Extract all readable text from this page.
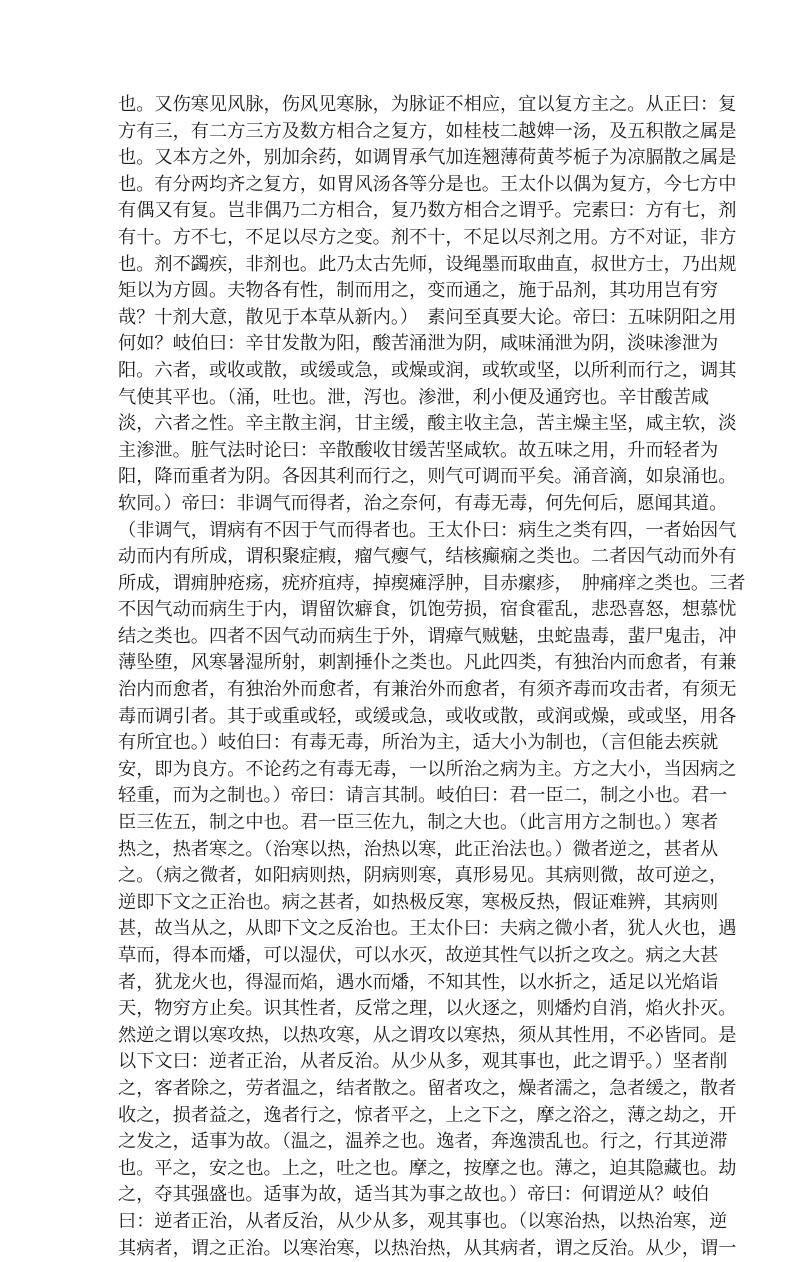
也。又伤寒见风脉，伤风见寒脉，为脉证不相应，宜以复方主之。从正曰：复
方有三，有二方三方及数方相合之复方，如桂枝二越婢一汤，及五积散之属是
也。又本方之外，别加余药，如调胃承气加连翘薄荷黄芩栀子为凉膈散之属是
也。有分两均齐之复方，如胃风汤各等分是也。王太仆以偶为复方，今七方中
有偶又有复。岂非偶乃二方相合，复乃数方相合之谓乎。完素曰：方有七，剂
有十。方不七，不足以尽方之变。剂不十，不足以尽剂之用。方不对证，非方
也。剂不蠲疾，非剂也。此乃太古先师，设绳墨而取曲直，叔世方士，乃出规
矩以为方圆。夫物各有性，制而用之，变而通之，施于品剂，其功用岂有穷
哉？十剂大意，散见于本草从新内。）　素问至真要大论。帝曰：五味阴阳之用
何如？岐伯曰：辛甘发散为阳，酸苦涌泄为阴，咸味涌泄为阴，淡味渗泄为
阳。六者，或收或散，或缓或急，或燥或润，或软或坚，以所利而行之，调其
气使其平也。（涌，吐也。泄，泻也。渗泄，利小便及通窍也。辛甘酸苦咸
淡，六者之性。辛主散主润，甘主缓，酸主收主急，苦主燥主坚，咸主软，淡
主渗泄。脏气法时论曰：辛散酸收甘缓苦坚咸软。故五味之用，升而轻者为
阳，降而重者为阴。各因其利而行之，则气可调而平矣。涌音滴，如泉涌也。
软同。）帝曰：非调气而得者，治之奈何，有毒无毒，何先何后，愿闻其道。
（非调气，谓病有不因于气而得者也。王太仆曰：病生之类有四，一者始因气
动而内有所成，谓积聚症瘕，瘤气瘿气，结核癫痫之类也。二者因气动而外有
所成，谓痈肿疮疡，疣疥疽痔，掉瘈瘫浮肿，目赤瘰疹，　肿痛痒之类也。三者
不因气动而病生于内，谓留饮癖食，饥饱劳损，宿食霍乱，悲恐喜怒，想慕忧
结之类也。四者不因气动而病生于外，谓瘴气贼魅，虫蛇蛊毒，蜚尸鬼击，冲
薄坠堕，风寒暑湿所射，刺割捶仆之类也。凡此四类，有独治内而愈者，有兼
治内而愈者，有独治外而愈者，有兼治外而愈者，有须齐毒而攻击者，有须无
毒而调引者。其于或重或轻，或缓或急，或收或散，或润或燥，或或坚，用各
有所宜也。）岐伯曰：有毒无毒，所治为主，适大小为制也，（言但能去疾就
安，即为良方。不论药之有毒无毒，一以所治之病为主。方之大小，当因病之
轻重，而为之制也。）帝曰：请言其制。岐伯曰：君一臣二，制之小也。君一
臣三佐五，制之中也。君一臣三佐九，制之大也。（此言用方之制也。）寒者
热之，热者寒之。（治寒以热，治热以寒，此正治法也。）微者逆之，甚者从
之。（病之微者，如阳病则热，阴病则寒，真形易见。其病则微，故可逆之，
逆即下文之正治也。病之甚者，如热极反寒，寒极反热，假证难辨，其病则
甚，故当从之，从即下文之反治也。王太仆曰：夫病之微小者，犹人火也，遇
草而，得本而燔，可以湿伏，可以水灭，故逆其性气以折之攻之。病之大甚
者，犹龙火也，得湿而焰，遇水而燔，不知其性，以水折之，适足以光焰诣
天，物穷方止矣。识其性者，反常之理，以火逐之，则燔灼自消，焰火扑灭。
然逆之谓以寒攻热，以热攻寒，从之谓攻以寒热，须从其性用，不必皆同。是
以下文曰：逆者正治，从者反治。从少从多，观其事也，此之谓乎。）坚者削
之，客者除之，劳者温之，结者散之。留者攻之，燥者濡之，急者缓之，散者
收之，损者益之，逸者行之，惊者平之，上之下之，摩之浴之，薄之劫之，开
之发之，适事为故。（温之，温养之也。逸者，奔逸溃乱也。行之，行其逆滞
也。平之，安之也。上之，吐之也。摩之，按摩之也。薄之，迫其隐藏也。劫
之，夺其强盛也。适事为故，适当其为事之故也。）帝曰：何谓逆从？岐伯
曰：逆者正治，从者反治，从少从多，观其事也。（以寒治热，以热治寒，逆
其病者，谓之正治。以寒治寒，以热治热，从其病者，谓之反治。从少，谓一
